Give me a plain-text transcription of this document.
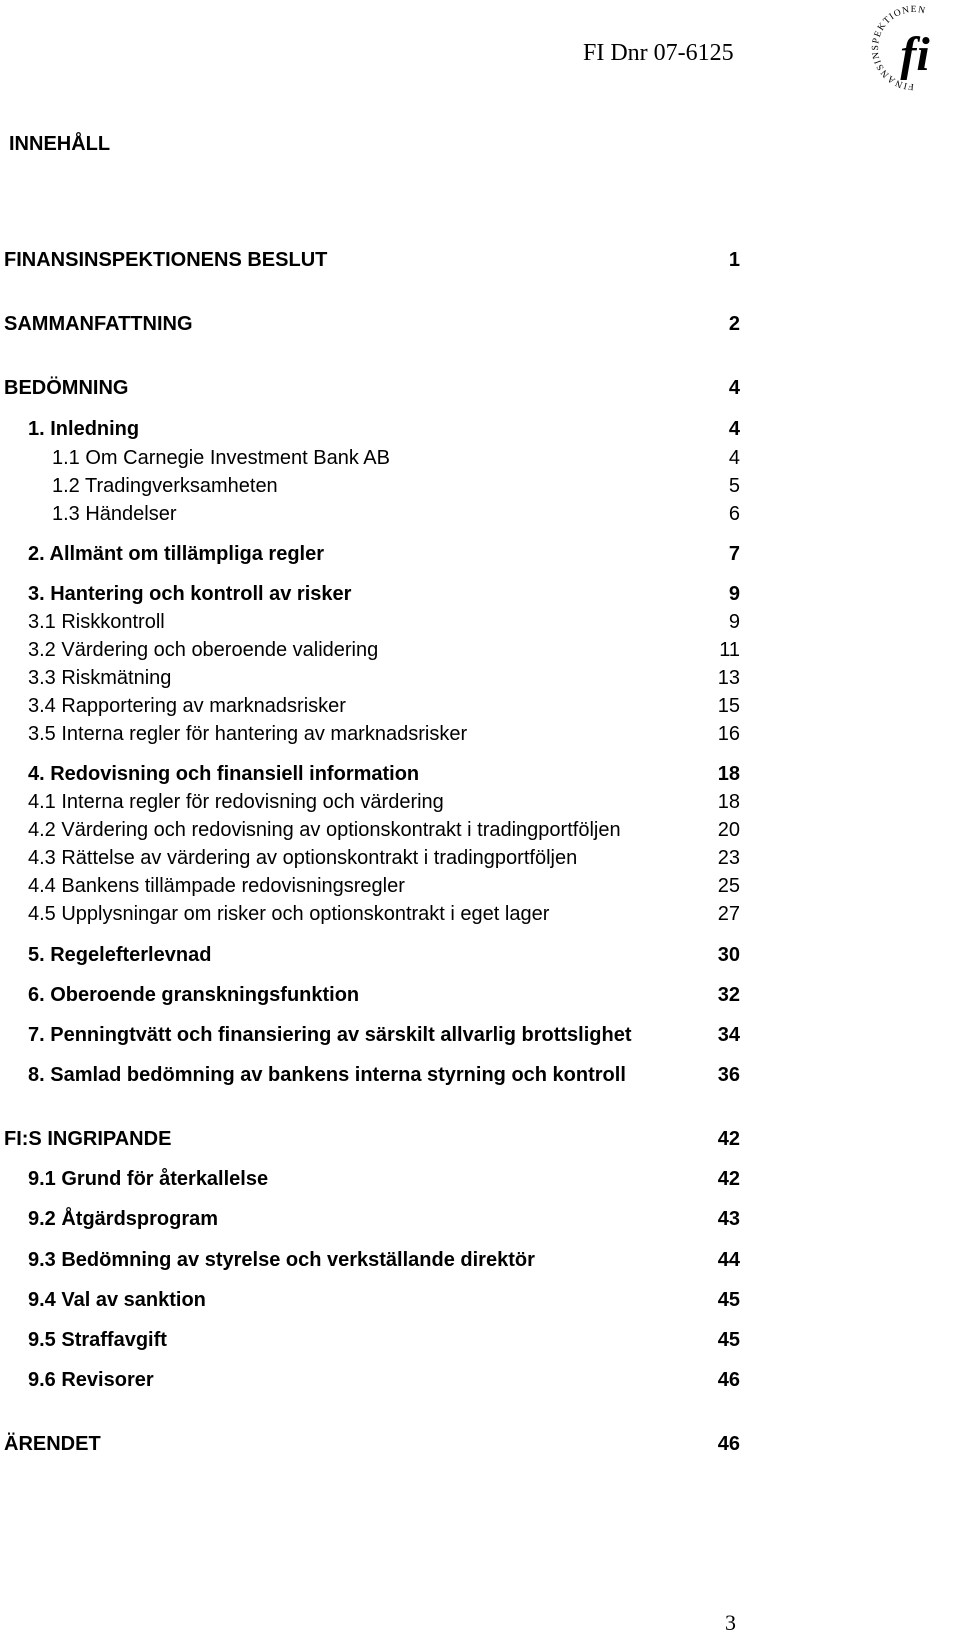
FI Dnr 07-6125
FINANSINSPEKTIONEN
fi
INNEHÅLL
FINANSINSPEKTIONENS BESLUT	1
SAMMANFATTNING	2
BEDÖMNING	4
1. Inledning	4
1.1 Om Carnegie Investment Bank AB	4
1.2 Tradingverksamheten	5
1.3 Händelser	6
2. Allmänt om tillämpliga regler	7
3. Hantering och kontroll av risker	9
3.1 Riskkontroll	9
3.2 Värdering och oberoende validering	11
3.3 Riskmätning	13
3.4 Rapportering av marknadsrisker	15
3.5 Interna regler för hantering av marknadsrisker	16
4. Redovisning och finansiell information	18
4.1 Interna regler för redovisning och värdering	18
4.2 Värdering och redovisning av optionskontrakt i tradingportföljen	20
4.3 Rättelse av värdering av optionskontrakt i tradingportföljen	23
4.4 Bankens tillämpade redovisningsregler	25
4.5 Upplysningar om risker och optionskontrakt i eget lager	27
5. Regelefterlevnad	30
6. Oberoende granskningsfunktion	32
7. Penningtvätt och finansiering av särskilt allvarlig brottslighet	34
8. Samlad bedömning av bankens interna styrning och kontroll	36
FI:S INGRIPANDE	42
9.1 Grund för återkallelse	42
9.2 Åtgärdsprogram	43
9.3 Bedömning av styrelse och verkställande direktör	44
9.4 Val av sanktion	45
9.5 Straffavgift	45
9.6 Revisorer	46
ÄRENDET	46
3
